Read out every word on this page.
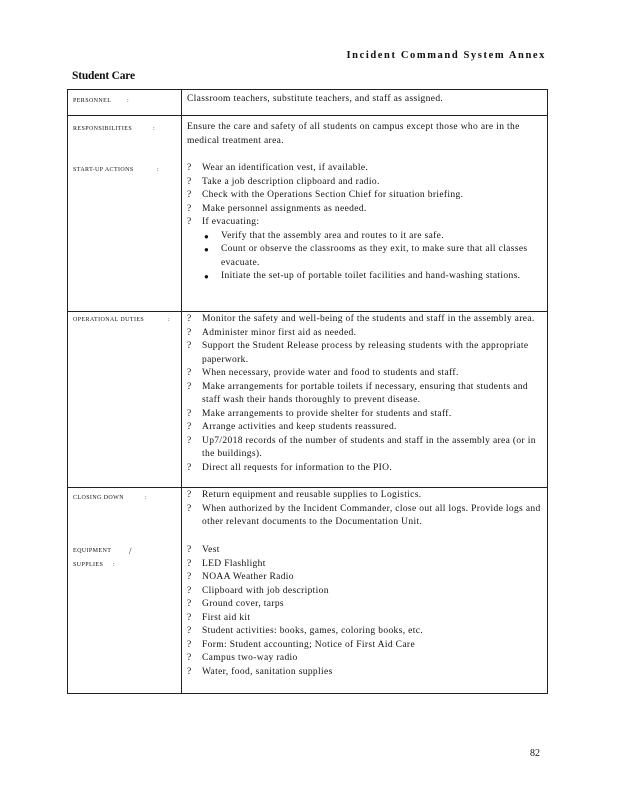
Incident Command System Annex
Student Care
PERSONNEL	:	Classroom teachers, substitute teachers, and staff as assigned.
RESPONSIBILITIES	:	Ensure the care and safety of all students on campus except those who are in the medical treatment area.
START-UP ACTIONS	:	?	Wear an identification vest, if available.
?	Take a job description clipboard and radio.
?	Check with the Operations Section Chief for situation briefing.
?	Make personnel assignments as needed.
?	If evacuating:
●	Verify that the assembly area and routes to it are safe.
●	Count or observe the classrooms as they exit, to make sure that all classes evacuate.
●	Initiate the set-up of portable toilet facilities and hand-washing stations.
OPERATIONAL DUTIES	: ?	Monitor the safety and well-being of the students and staff in the assembly area.
?	Administer minor first aid as needed.
?	Support the Student Release process by releasing students with the appropriate paperwork.
?	When necessary, provide water and food to students and staff.
?	Make arrangements for portable toilets if necessary, ensuring that students and staff wash their hands thoroughly to prevent disease.
?	Make arrangements to provide shelter for students and staff.
?	Arrange activities and keep students reassured.
?	Up7/2018 records of the number of students and staff in the assembly area (or in the buildings).
?	Direct all requests for information to the PIO.
CLOSING DOWN	:	?	Return equipment and reusable supplies to Logistics.
?	When authorized by the Incident Commander, close out all logs. Provide logs and other relevant documents to the Documentation Unit.
EQUIPMENT /
SUPPLIES :
?	Vest
?	LED Flashlight
?	NOAA Weather Radio
?	Clipboard with job description
?	Ground cover, tarps
?	First aid kit
?	Student activities: books, games, coloring books, etc.
?	Form: Student accounting; Notice of First Aid Care
?	Campus two-way radio
?	Water, food, sanitation supplies
82
